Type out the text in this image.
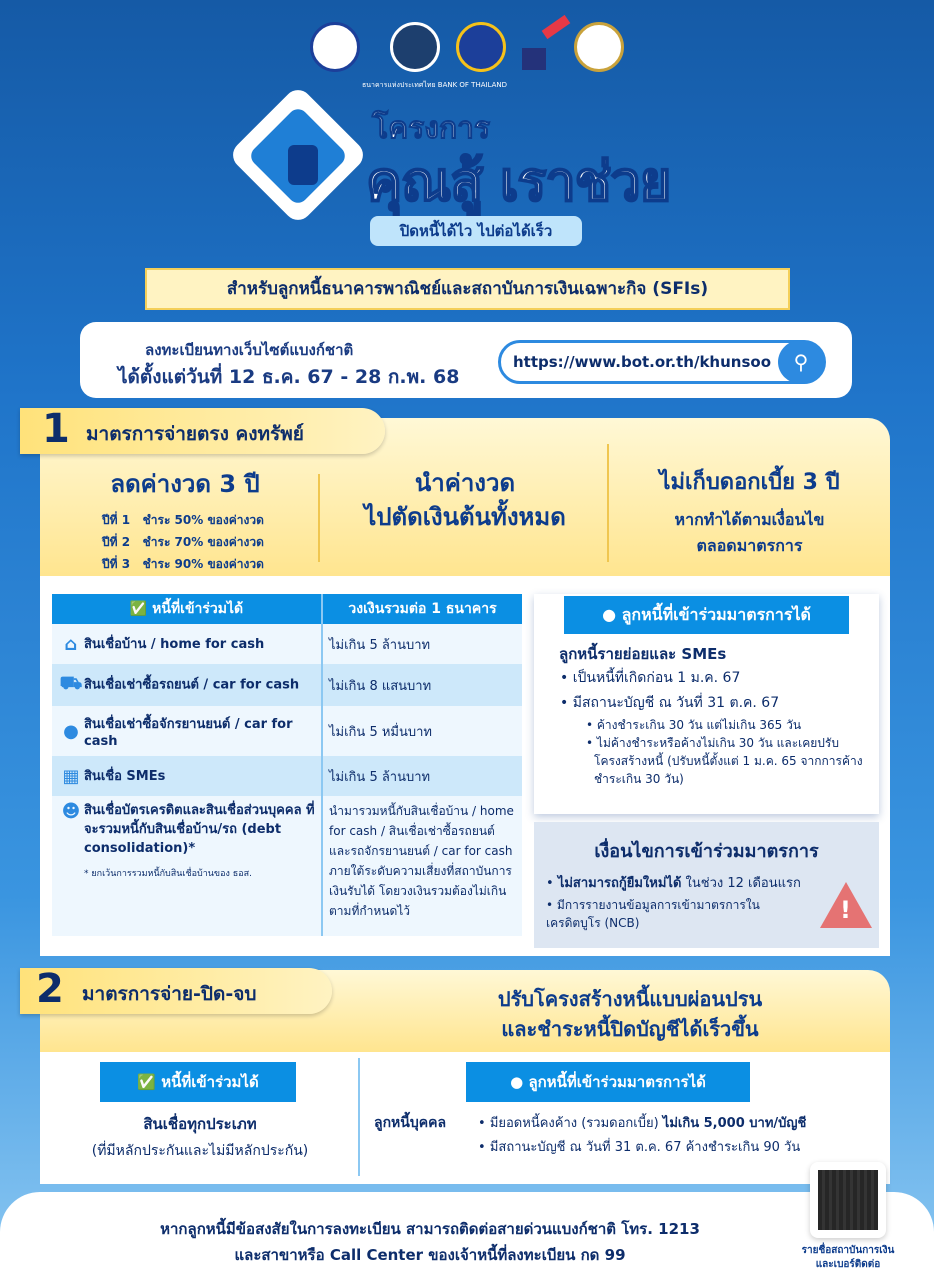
ธนาคารแห่งประเทศไทย BANK OF THAILAND
โครงการ
คุณสู้ เราช่วย
ปิดหนี้ได้ไว ไปต่อได้เร็ว
สำหรับลูกหนี้ธนาคารพาณิชย์และสถาบันการเงินเฉพาะกิจ (SFIs)
ลงทะเบียนทางเว็บไซต์แบงก์ชาติ
ได้ตั้งแต่วันที่ 12 ธ.ค. 67 - 28 ก.พ. 68
https://www.bot.or.th/khunsoo	⚲
1 มาตรการจ่ายตรง คงทรัพย์
ลดค่างวด 3 ปี
ปีที่ 1 ชำระ 50% ของค่างวด
ปีที่ 2 ชำระ 70% ของค่างวด
ปีที่ 3 ชำระ 90% ของค่างวด
นำค่างวด
ไปตัดเงินต้นทั้งหมด
ไม่เก็บดอกเบี้ย 3 ปี
หากทำได้ตามเงื่อนไข
ตลอดมาตรการ
✅ หนี้ที่เข้าร่วมได้	วงเงินรวมต่อ 1 ธนาคาร
⌂ สินเชื่อบ้าน / home for cash	ไม่เกิน 5 ล้านบาท
⛟ สินเชื่อเช่าซื้อรถยนต์ / car for cash	ไม่เกิน 8 แสนบาท

● สินเชื่อเช่าซื้อจักรยานยนต์ / car for cash	ไม่เกิน 5 หมื่นบาท
▦ สินเชื่อ SMEs	ไม่เกิน 5 ล้านบาท

☻ สินเชื่อบัตรเครดิตและสินเชื่อส่วนบุคคล ที่จะรวมหนี้กับสินเชื่อบ้าน/รถ (debt consolidation)*
* ยกเว้นการรวมหนี้กับสินเชื่อบ้านของ ธอส.	นำมารวมหนี้กับสินเชื่อบ้าน / home for cash / สินเชื่อเช่าซื้อรถยนต์และรถจักรยานยนต์ / car for cash ภายใต้ระดับความเสี่ยงที่สถาบันการเงินรับได้ โดยวงเงินรวมต้องไม่เกินตามที่กำหนดไว้
● ลูกหนี้ที่เข้าร่วมมาตรการได้
ลูกหนี้รายย่อยและ SMEs
• เป็นหนี้ที่เกิดก่อน 1 ม.ค. 67
• มีสถานะบัญชี ณ วันที่ 31 ต.ค. 67
• ค้างชำระเกิน 30 วัน แต่ไม่เกิน 365 วัน
• ไม่ค้างชำระหรือค้างไม่เกิน 30 วัน และเคยปรับโครงสร้างหนี้ (ปรับหนี้ตั้งแต่ 1 ม.ค. 65 จากการค้างชำระเกิน 30 วัน)
เงื่อนไขการเข้าร่วมมาตรการ
• ไม่สามารถกู้ยืมใหม่ได้ ในช่วง 12 เดือนแรก
• มีการรายงานข้อมูลการเข้ามาตรการในเครดิตบูโร (NCB)	!
2 มาตรการจ่าย-ปิด-จบ	ปรับโครงสร้างหนี้แบบผ่อนปรน
และชำระหนี้ปิดบัญชีได้เร็วขึ้น
✅ หนี้ที่เข้าร่วมได้
สินเชื่อทุกประเภท
(ที่มีหลักประกันและไม่มีหลักประกัน)
● ลูกหนี้ที่เข้าร่วมมาตรการได้
ลูกหนี้บุคคล • มียอดหนี้คงค้าง (รวมดอกเบี้ย) ไม่เกิน 5,000 บาท/บัญชี
• มีสถานะบัญชี ณ วันที่ 31 ต.ค. 67 ค้างชำระเกิน 90 วัน
หากลูกหนี้มีข้อสงสัยในการลงทะเบียน สามารถติดต่อสายด่วนแบงก์ชาติ โทร. 1213
และสาขาหรือ Call Center ของเจ้าหนี้ที่ลงทะเบียน กด 99	รายชื่อสถาบันการเงิน
และเบอร์ติดต่อ
